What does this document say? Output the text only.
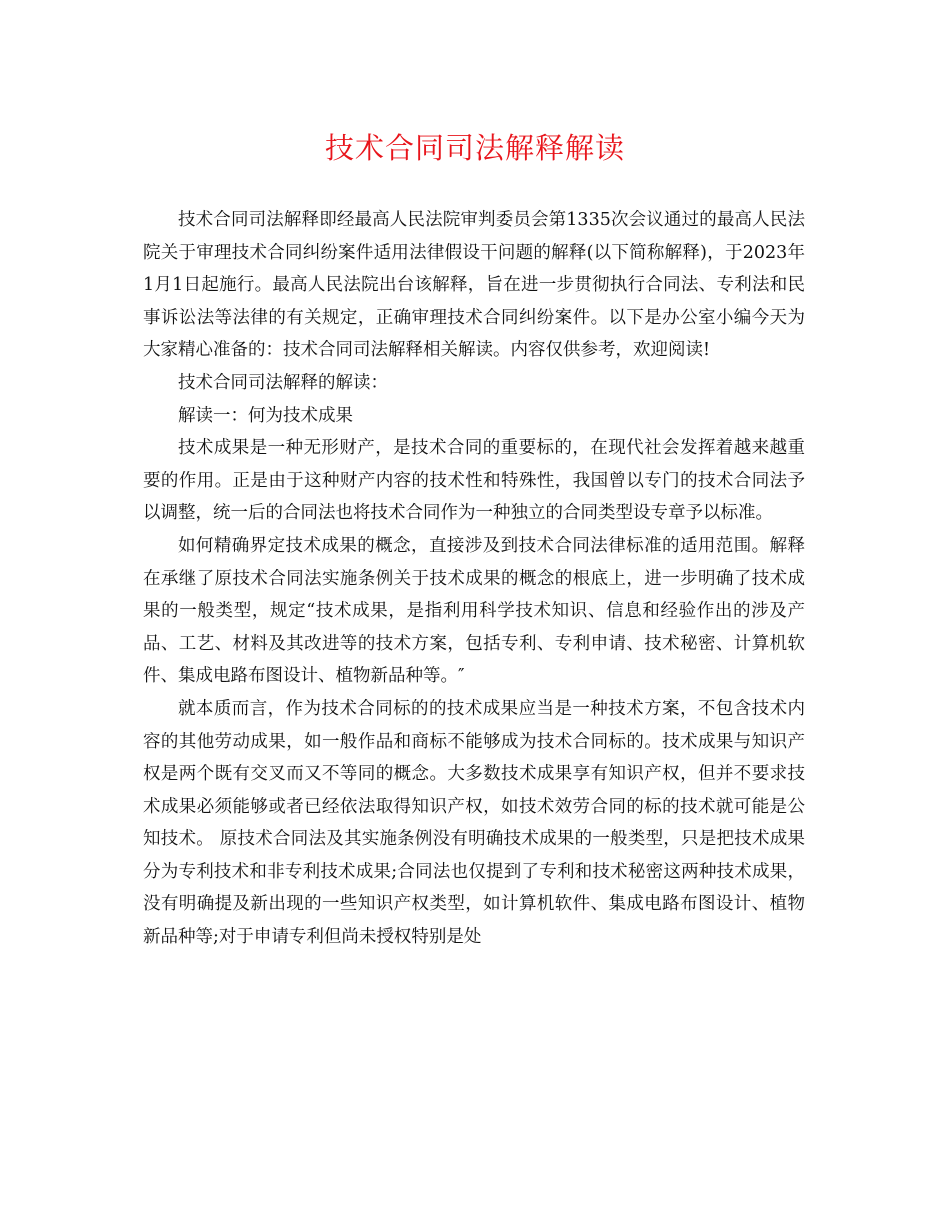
技术合同司法解释解读

技术合同司法解释即经最高人民法院审判委员会第1335次会议通过的最高人民法院关于审理技术合同纠纷案件适用法律假设干问题的解释(以下简称解释)，于2023年1月1日起施行。最高人民法院出台该解释，旨在进一步贯彻执行合同法、专利法和民事诉讼法等法律的有关规定，正确审理技术合同纠纷案件。以下是办公室小编今天为大家精心准备的：技术合同司法解释相关解读。内容仅供参考，欢迎阅读!

技术合同司法解释的解读：

解读一：何为技术成果

技术成果是一种无形财产，是技术合同的重要标的，在现代社会发挥着越来越重要的作用。正是由于这种财产内容的技术性和特殊性，我国曾以专门的技术合同法予以调整，统一后的合同法也将技术合同作为一种独立的合同类型设专章予以标准。

如何精确界定技术成果的概念，直接涉及到技术合同法律标准的适用范围。解释在承继了原技术合同法实施条例关于技术成果的概念的根底上，进一步明确了技术成果的一般类型，规定“技术成果，是指利用科学技术知识、信息和经验作出的涉及产品、工艺、材料及其改进等的技术方案，包括专利、专利申请、技术秘密、计算机软件、集成电路布图设计、植物新品种等。″

就本质而言，作为技术合同标的的技术成果应当是一种技术方案，不包含技术内容的其他劳动成果，如一般作品和商标不能够成为技术合同标的。技术成果与知识产权是两个既有交叉而又不等同的概念。大多数技术成果享有知识产权，但并不要求技术成果必须能够或者已经依法取得知识产权，如技术效劳合同的标的技术就可能是公知技术。 原技术合同法及其实施条例没有明确技术成果的一般类型，只是把技术成果分为专利技术和非专利技术成果;合同法也仅提到了专利和技术秘密这两种技术成果，没有明确提及新出现的一些知识产权类型，如计算机软件、集成电路布图设计、植物新品种等;对于申请专利但尚未授权特别是处
